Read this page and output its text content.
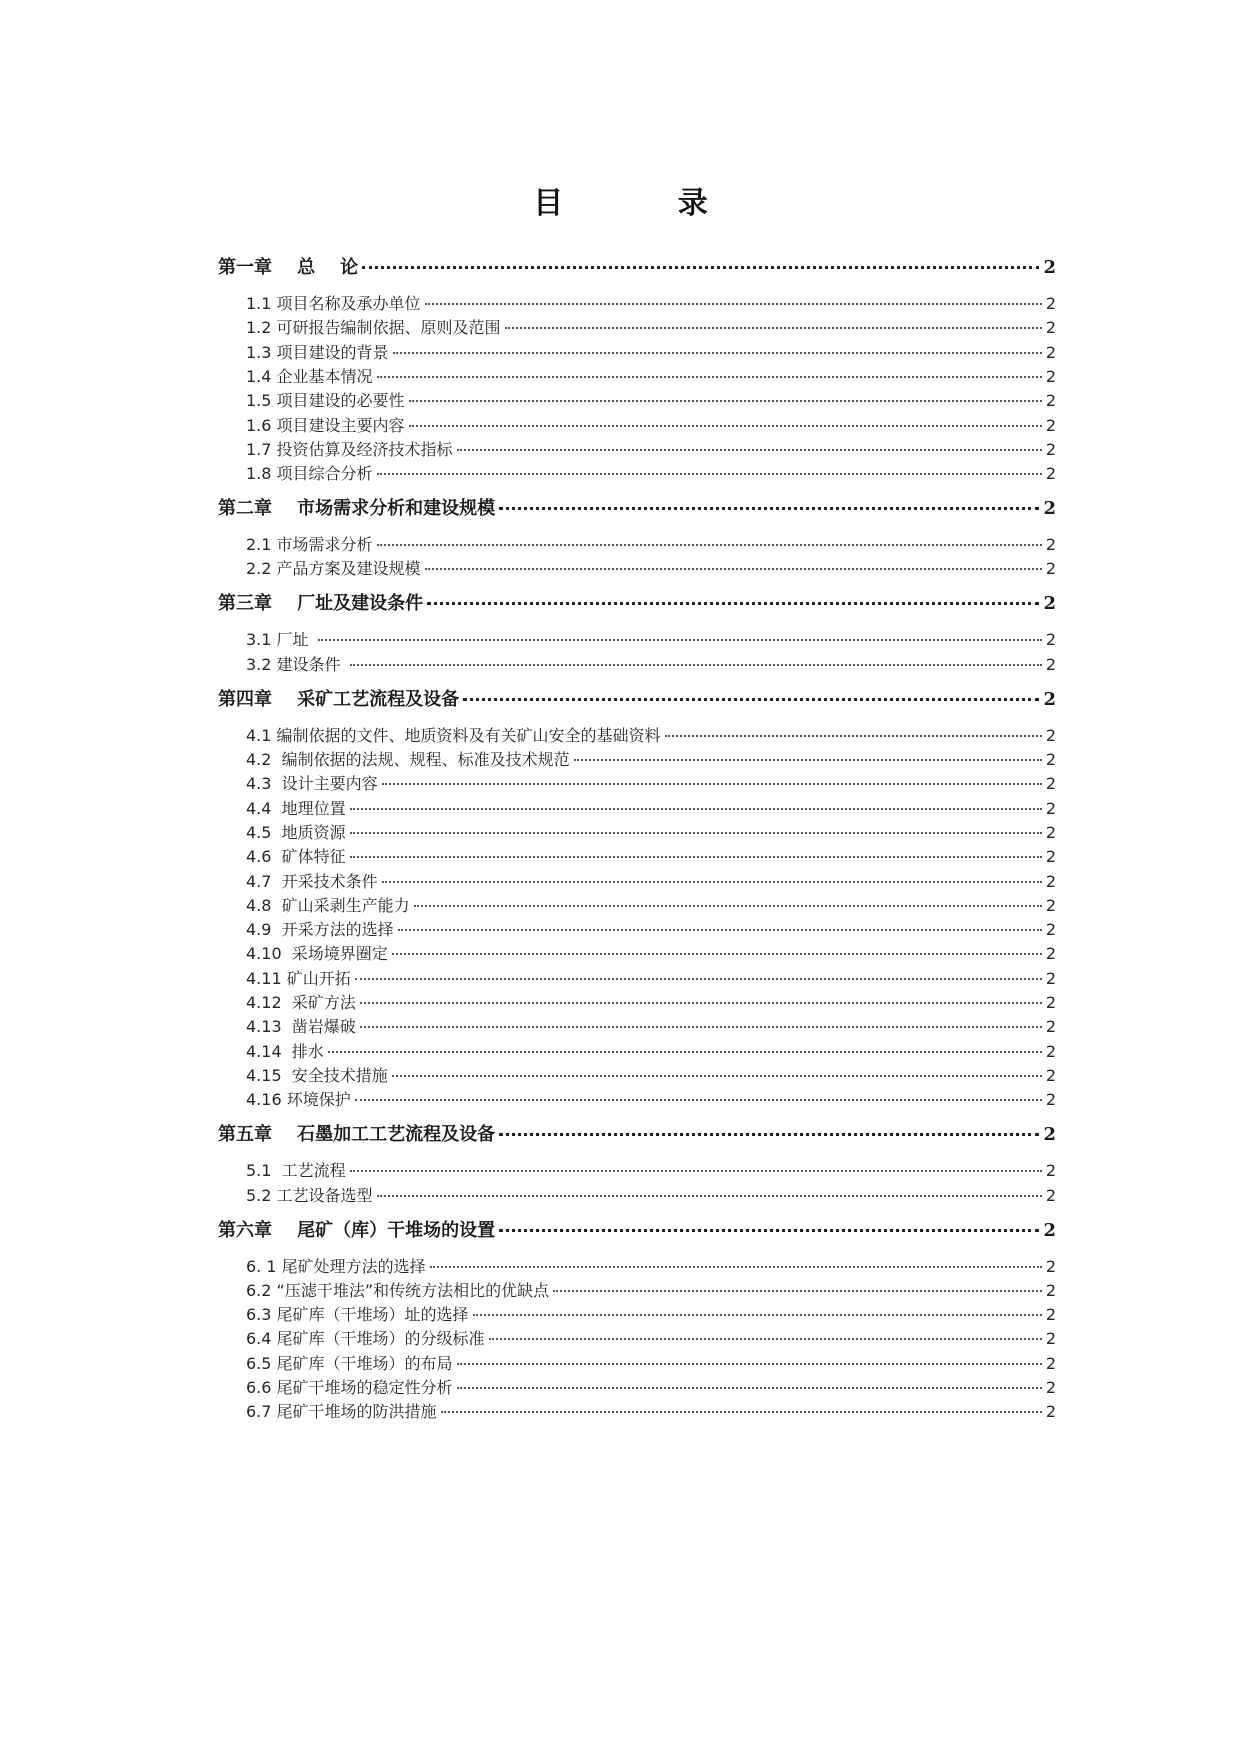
目 录
第一章    总    论	2
1.1 项目名称及承办单位	2
1.2 可研报告编制依据、原则及范围	2
1.3 项目建设的背景	2
1.4 企业基本情况	2
1.5 项目建设的必要性	2
1.6 项目建设主要内容	2
1.7 投资估算及经济技术指标	2
1.8 项目综合分析	2
第二章    市场需求分析和建设规模	2
2.1 市场需求分析	2
2.2 产品方案及建设规模	2
第三章    厂址及建设条件	2
3.1 厂址	2
3.2 建设条件	2
第四章    采矿工艺流程及设备	2
4.1 编制依据的文件、地质资料及有关矿山安全的基础资料	2
4.2  编制依据的法规、规程、标准及技术规范	2
4.3  设计主要内容	2
4.4  地理位置	2
4.5  地质资源	2
4.6  矿体特征	2
4.7  开采技术条件	2
4.8  矿山采剥生产能力	2
4.9  开采方法的选择	2
4.10  采场境界圈定	2
4.11 矿山开拓	2
4.12  采矿方法	2
4.13  凿岩爆破	2
4.14  排水	2
4.15  安全技术措施	2
4.16 环境保护	2
第五章    石墨加工工艺流程及设备	2
5.1  工艺流程	2
5.2 工艺设备选型	2
第六章    尾矿（库）干堆场的设置	2
6. 1 尾矿处理方法的选择	2
6.2 “压滤干堆法”和传统方法相比的优缺点	2
6.3 尾矿库（干堆场）址的选择	2
6.4 尾矿库（干堆场）的分级标准	2
6.5 尾矿库（干堆场）的布局	2
6.6 尾矿干堆场的稳定性分析	2
6.7 尾矿干堆场的防洪措施	2
